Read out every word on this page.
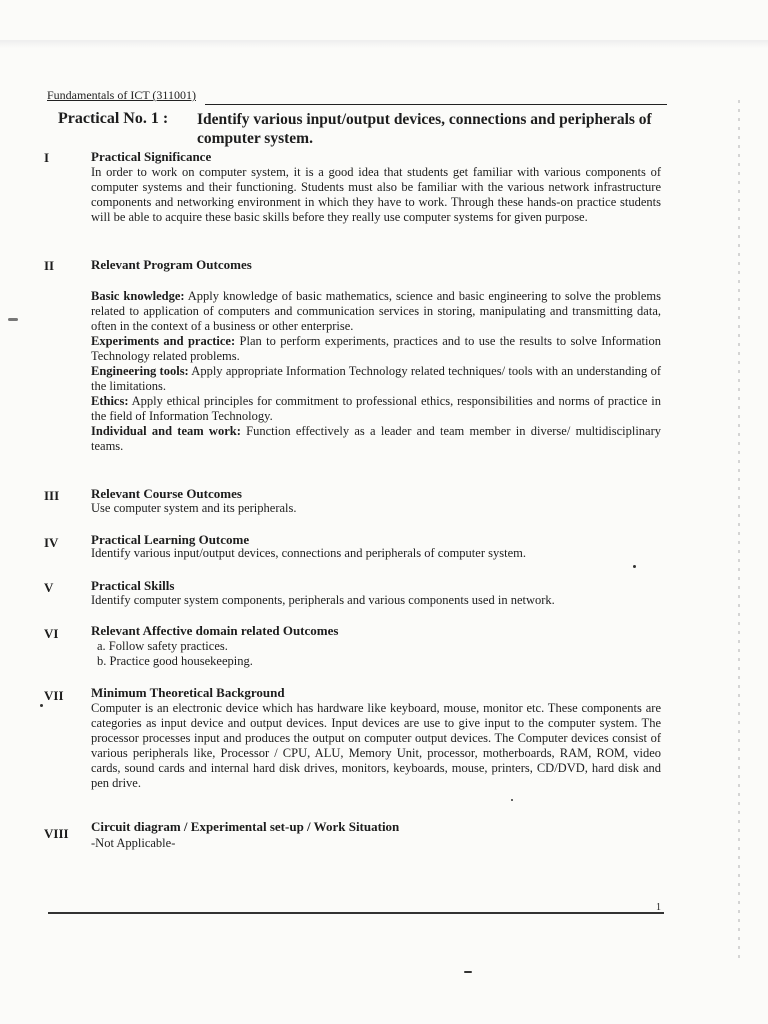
Fundamentals of ICT (311001)
Practical No. 1 : Identify various input/output devices, connections and peripherals of computer system.
I	Practical Significance
In order to work on computer system, it is a good idea that students get familiar with various components of computer systems and their functioning. Students must also be familiar with the various network infrastructure components and networking environment in which they have to work. Through these hands-on practice students will be able to acquire these basic skills before they really use computer systems for given purpose.
II	Relevant Program Outcomes
Basic knowledge: Apply knowledge of basic mathematics, science and basic engineering to solve the problems related to application of computers and communication services in storing, manipulating and transmitting data, often in the context of a business or other enterprise.
Experiments and practice: Plan to perform experiments, practices and to use the results to solve Information Technology related problems.
Engineering tools: Apply appropriate Information Technology related techniques/ tools with an understanding of the limitations.
Ethics: Apply ethical principles for commitment to professional ethics, responsibilities and norms of practice in the field of Information Technology.
Individual and team work: Function effectively as a leader and team member in diverse/ multidisciplinary teams.
III Relevant Course Outcomes
Use computer system and its peripherals.
IV	Practical Learning Outcome
Identify various input/output devices, connections and peripherals of computer system.
V	Practical Skills
Identify computer system components, peripherals and various components used in network.
VI	Relevant Affective domain related Outcomes
a. Follow safety practices.
b. Practice good housekeeping.
VII Minimum Theoretical Background
Computer is an electronic device which has hardware like keyboard, mouse, monitor etc. These components are categories as input device and output devices. Input devices are use to give input to the computer system. The processor processes input and produces the output on computer output devices. The Computer devices consist of various peripherals like, Processor / CPU, ALU, Memory Unit, processor, motherboards, RAM, ROM, video cards, sound cards and internal hard disk drives, monitors, keyboards, mouse, printers, CD/DVD, hard disk and pen drive.
VIII Circuit diagram / Experimental set-up / Work Situation
-Not Applicable-
1
